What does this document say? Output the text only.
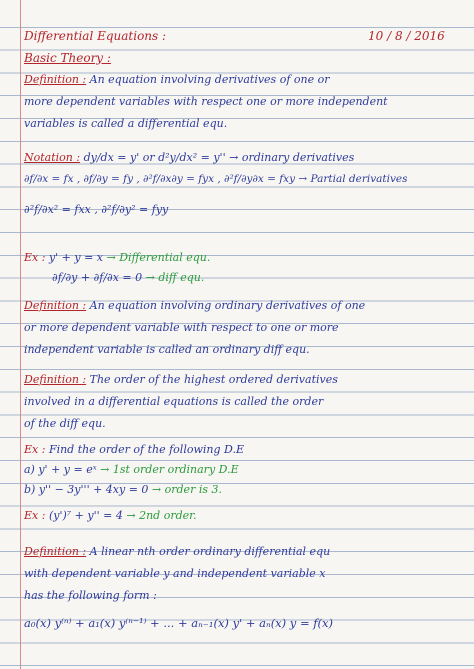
Differential Equations :	10 / 8 / 2016
Basic Theory :
Definition : An equation involving derivatives of one or
more dependent variables with respect one or more independent
variables is called a differential equ.
Notation : dy/dx = y' or d²y/dx² = y'' → ordinary derivatives
∂f/∂x = fx , ∂f/∂y = fy , ∂²f/∂x∂y = fyx , ∂²f/∂y∂x = fxy → Partial derivatives
∂²f/∂x² = fxx , ∂²f/∂y² = fyy
Ex : y' + y = x → Differential equ.
∂f/∂y + ∂f/∂x = 0 → diff equ.
Definition : An equation involving ordinary derivatives of one
or more dependent variable with respect to one or more
independent variable is called an ordinary diff equ.
Definition : The order of the highest ordered derivatives
involved in a differential equations is called the order
of the diff equ.
Ex : Find the order of the following D.E
a) y' + y = eˣ → 1st order ordinary D.E
b) y'' − 3y''' + 4xy = 0 → order is 3.
Ex : (y')⁷ + y'' = 4 → 2nd order.
Definition : A linear nth order ordinary differential equ
with dependent variable y and independent variable x
has the following form :
a₀(x) y⁽ⁿ⁾ + a₁(x) y⁽ⁿ⁻¹⁾ + ... + aₙ₋₁(x) y' + aₙ(x) y = f(x)
